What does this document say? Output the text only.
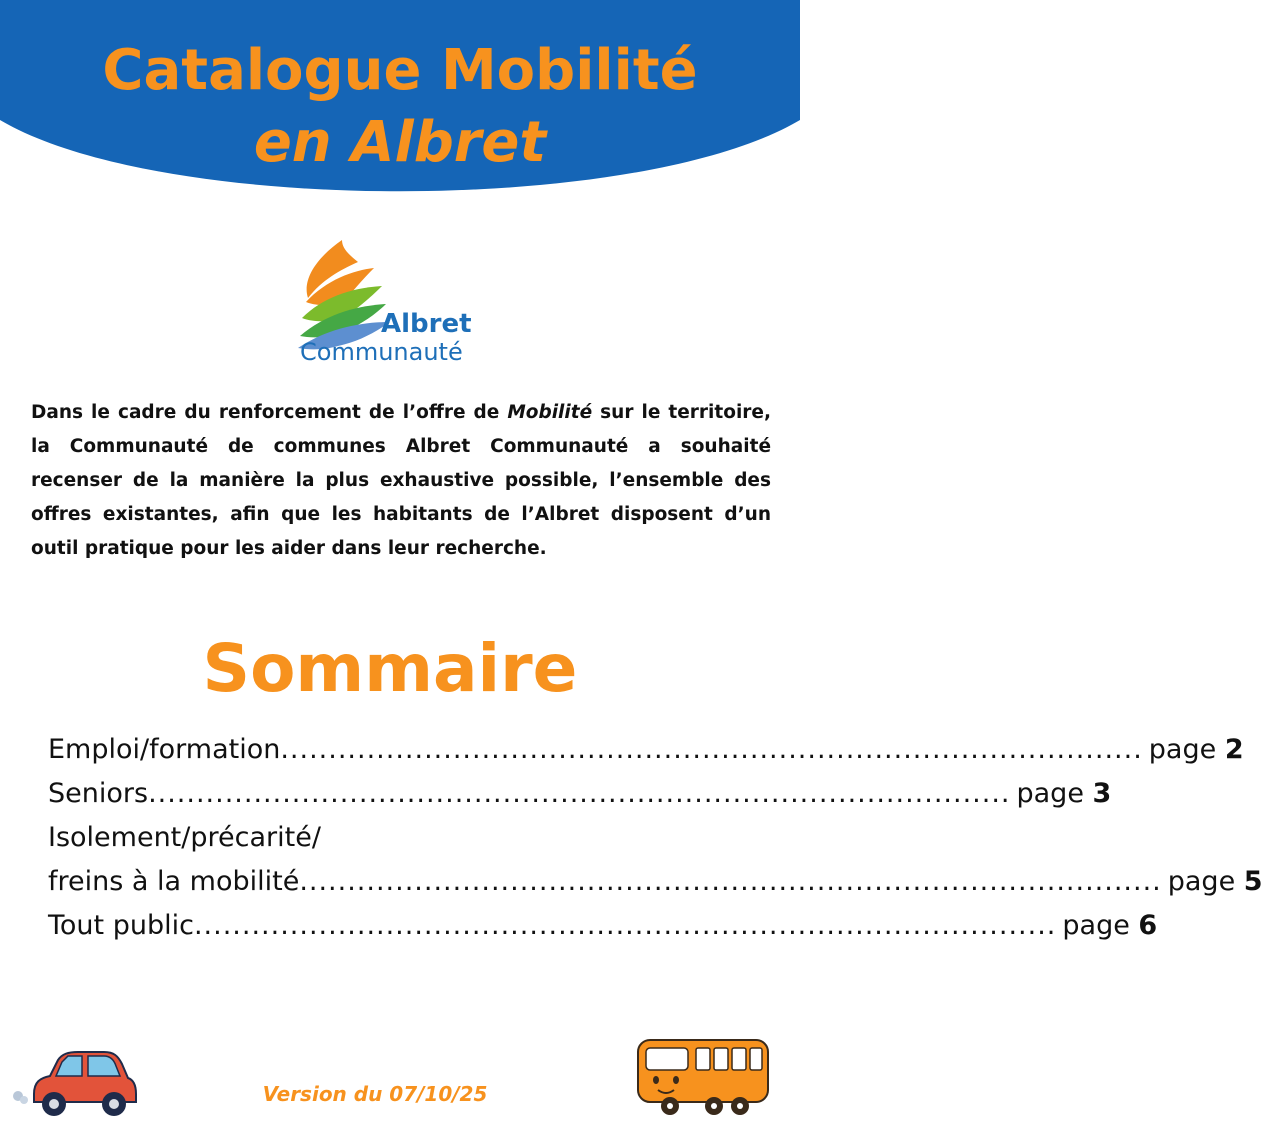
Catalogue Mobilité
en Albret
Albret
Communauté
Dans le cadre du renforcement de l’offre de Mobilité sur le territoire, la Communauté de communes Albret Communauté a souhaité recenser de la manière la plus exhaustive possible, l’ensemble des offres existantes, afin que les habitants de l’Albret disposent d’un outil pratique pour les aider dans leur recherche.
Sommaire
Emploi/formation .......................................................................................... page 2
Seniors .......................................................................................... page 3
Isolement/précarité/
freins à la mobilité .......................................................................................... page 5
Tout public .......................................................................................... page 6
Version du 07/10/25
